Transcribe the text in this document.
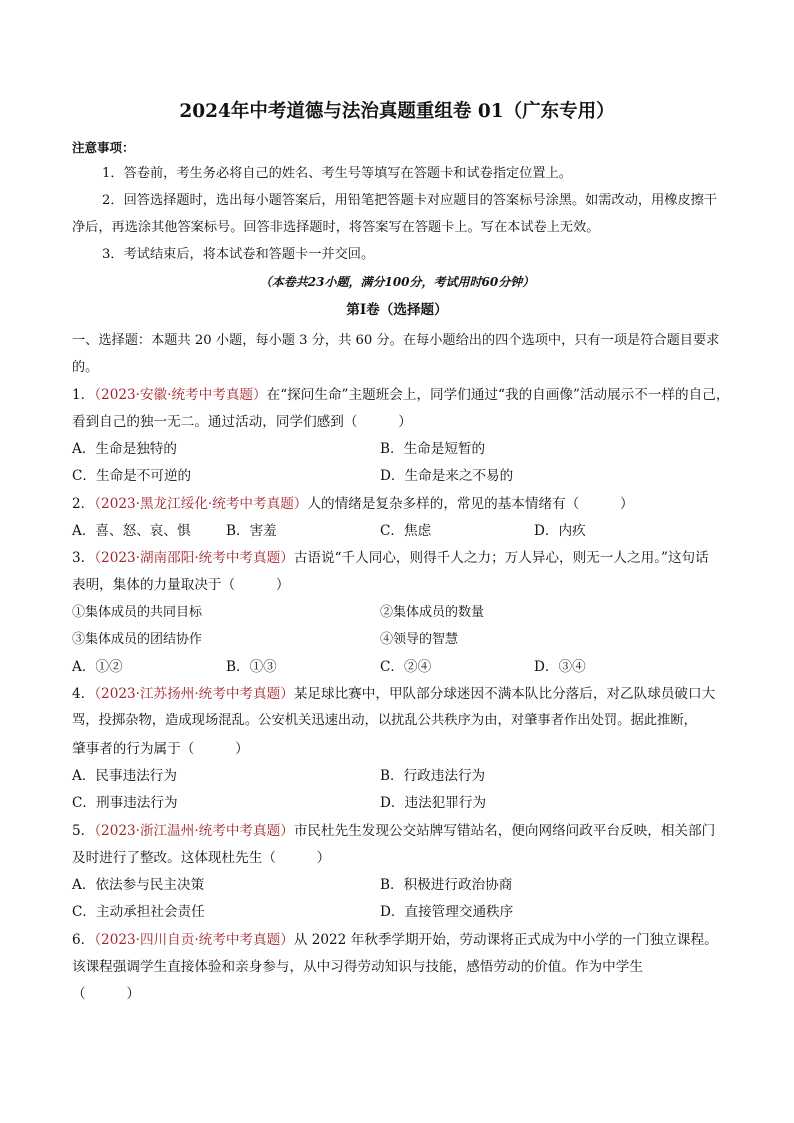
2024年中考道德与法治真题重组卷 01（广东专用）
注意事项：
1．答卷前，考生务必将自己的姓名、考生号等填写在答题卡和试卷指定位置上。
2．回答选择题时，选出每小题答案后，用铅笔把答题卡对应题目的答案标号涂黑。如需改动，用橡皮擦干净后，再选涂其他答案标号。回答非选择题时，将答案写在答题卡上。写在本试卷上无效。
3．考试结束后，将本试卷和答题卡一并交回。
（本卷共23小题，满分100分，考试用时60分钟）
第Ⅰ卷（选择题）
一、选择题：本题共 20 小题，每小题 3 分，共 60 分。在每小题给出的四个选项中，只有一项是符合题目要求的。
1．（2023·安徽·统考中考真题）在“探问生命”主题班会上，同学们通过“我的自画像”活动展示不一样的自己，
看到自己的独一无二。通过活动，同学们感到（　　　）
A．生命是独特的	B．生命是短暂的
C．生命是不可逆的	D．生命是来之不易的
2．（2023·黑龙江绥化·统考中考真题）人的情绪是复杂多样的，常见的基本情绪有（　　　）
A．喜、怒、哀、惧	B．害羞	C．焦虑	D．内疚
3．（2023·湖南邵阳·统考中考真题）古语说“千人同心，则得千人之力；万人异心，则无一人之用。”这句话
表明，集体的力量取决于（　　　）
①集体成员的共同目标	②集体成员的数量
③集体成员的团结协作	④领导的智慧
A．①②	B．①③	C．②④	D．③④
4．（2023·江苏扬州·统考中考真题）某足球比赛中，甲队部分球迷因不满本队比分落后，对乙队球员破口大
骂，投掷杂物，造成现场混乱。公安机关迅速出动，以扰乱公共秩序为由，对肇事者作出处罚。据此推断，
肇事者的行为属于（　　　）
A．民事违法行为	B．行政违法行为
C．刑事违法行为	D．违法犯罪行为
5．（2023·浙江温州·统考中考真题）市民杜先生发现公交站牌写错站名，便向网络问政平台反映，相关部门
及时进行了整改。这体现杜先生（　　　）
A．依法参与民主决策	B．积极进行政治协商
C．主动承担社会责任	D．直接管理交通秩序
6．（2023·四川自贡·统考中考真题）从 2022 年秋季学期开始，劳动课将正式成为中小学的一门独立课程。
该课程强调学生直接体验和亲身参与，从中习得劳动知识与技能，感悟劳动的价值。作为中学生
（　　　）
